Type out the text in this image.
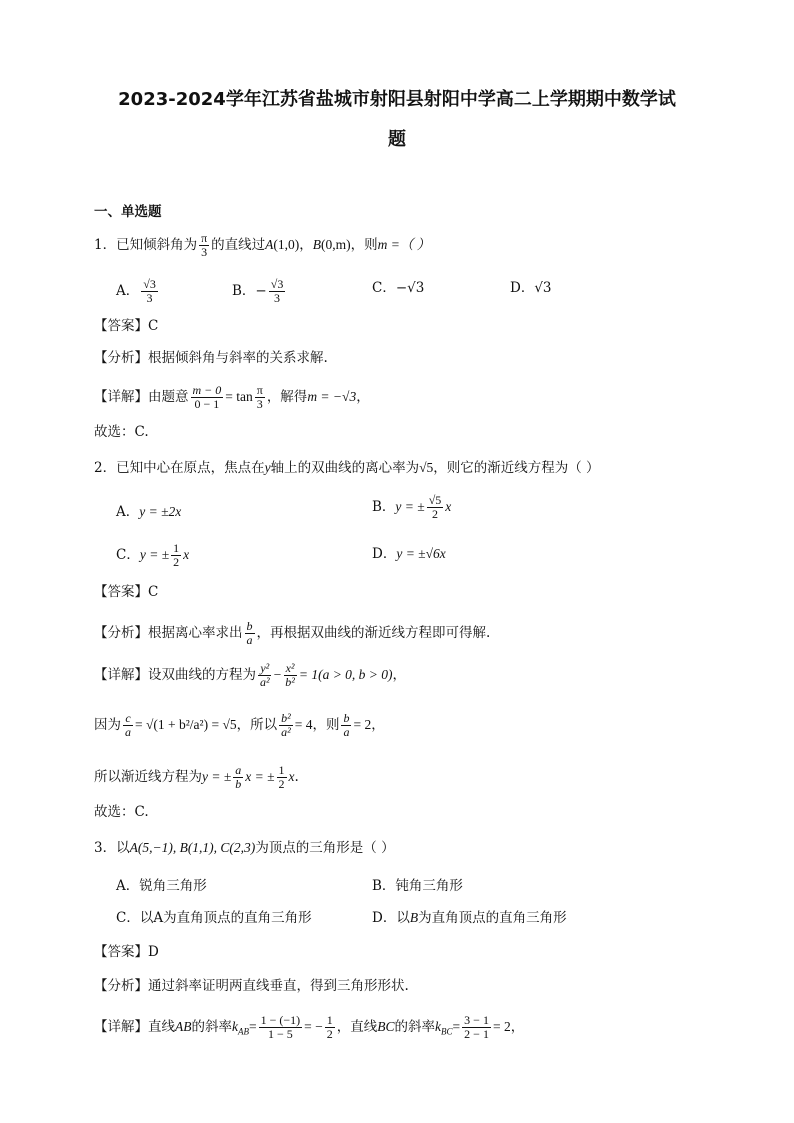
2023-2024学年江苏省盐城市射阳县射阳中学高二上学期期中数学试
题
一、单选题
1．已知倾斜角为 $\frac{\pi}{3}$ 的直线过A(1,0)，B(0,m)，则m =（ ）
A． $\frac{√3}{3}$	B．− $\frac{√3}{3}$	C．−√3	D．√3
【答案】C
【分析】根据倾斜角与斜率的关系求解.
【详解】由题意 $\frac{m - 0}{0 - 1} = \tan \frac{\pi}{3}$ ，解得m = −√3，
故选：C.
2．已知中心在原点，焦点在y轴上的双曲线的离心率为√5，则它的渐近线方程为（ ）
A．y = ±2x	B．y = ± $\frac{√5}{2}$ x
C．y = ± $\frac{1}{2}$ x	D．y = ±√6x
【答案】C
【分析】根据离心率求出 $\frac{b}{a}$ ，再根据双曲线的渐近线方程即可得解.
【详解】设双曲线的方程为 $\frac{\text{y²}}{\text{a²}} - \frac{\text{x²}}{\text{b²}} = 1(a > 0$, b > 0)，
因为 $\frac{c}{a} = √(1 + b^2/a^2) = √5$，所以 $\frac{\text{b²}}{\text{a²}} = 4$，则 $\frac{b}{a} = 2$，
所以渐近线方程为y = ± $\frac{a}{b}$ x = ± $\frac{1}{2} x$.
故选：C.
3．以A(5,−1), B(1,1), C(2,3)为顶点的三角形是（ ）
A．锐角三角形	B．钝角三角形
C．以A为直角顶点的直角三角形	D．以B为直角顶点的直角三角形
【答案】D
【分析】通过斜率证明两直线垂直，得到三角形形状.
【详解】直线AB的斜率$k_{AB}= \frac{1 - (-1)}{1 - 5}$ = − $\frac{1}{2}$ ，直线BC的斜率$k_{BC}= \frac{3 - 1}{2 - 1} = 2$，
